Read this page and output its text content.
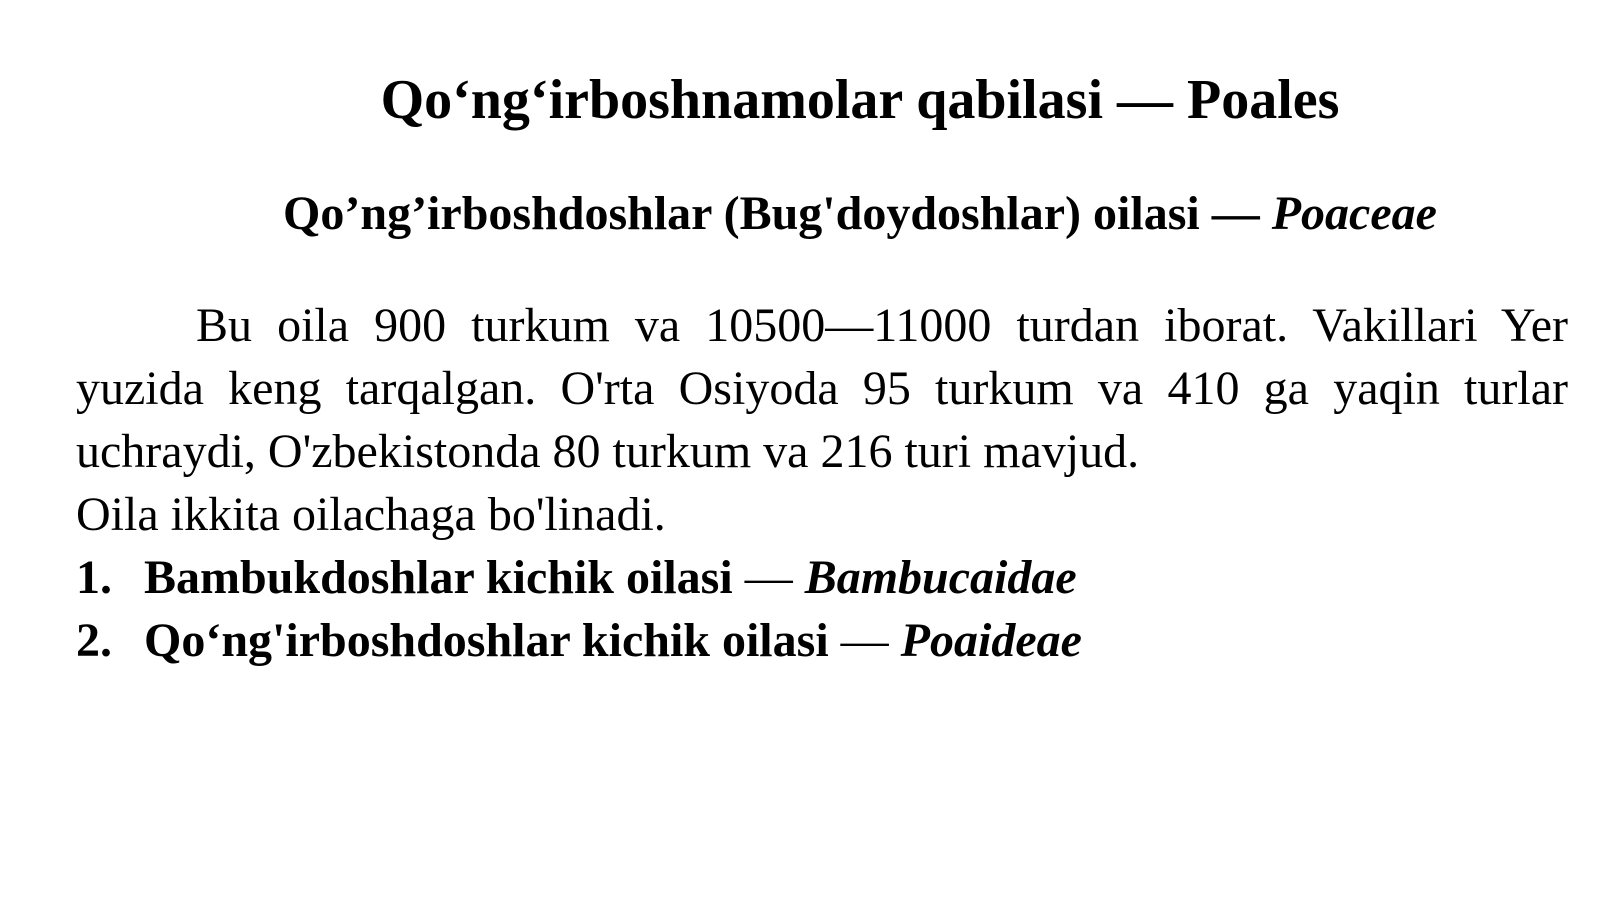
Qo‘ng‘irboshnamolar qabilasi — Poales
Qo’ng’irboshdoshlar (Bug'doydoshlar) oilasi — Poaceae

Bu oila 900 turkum va 10500—11000 turdan iborat. Vakillari Yer yuzida keng tarqalgan. O'rta Osiyoda 95 turkum va 410 ga yaqin turlar uchraydi, O'zbekistonda 80 turkum va 216 turi mavjud.

Oila ikkita oilachaga bo'linadi.

1. Bambukdoshlar kichik oilasi — Bambucaidae
2. Qo‘ng'irboshdoshlar kichik oilasi — Poaideae
